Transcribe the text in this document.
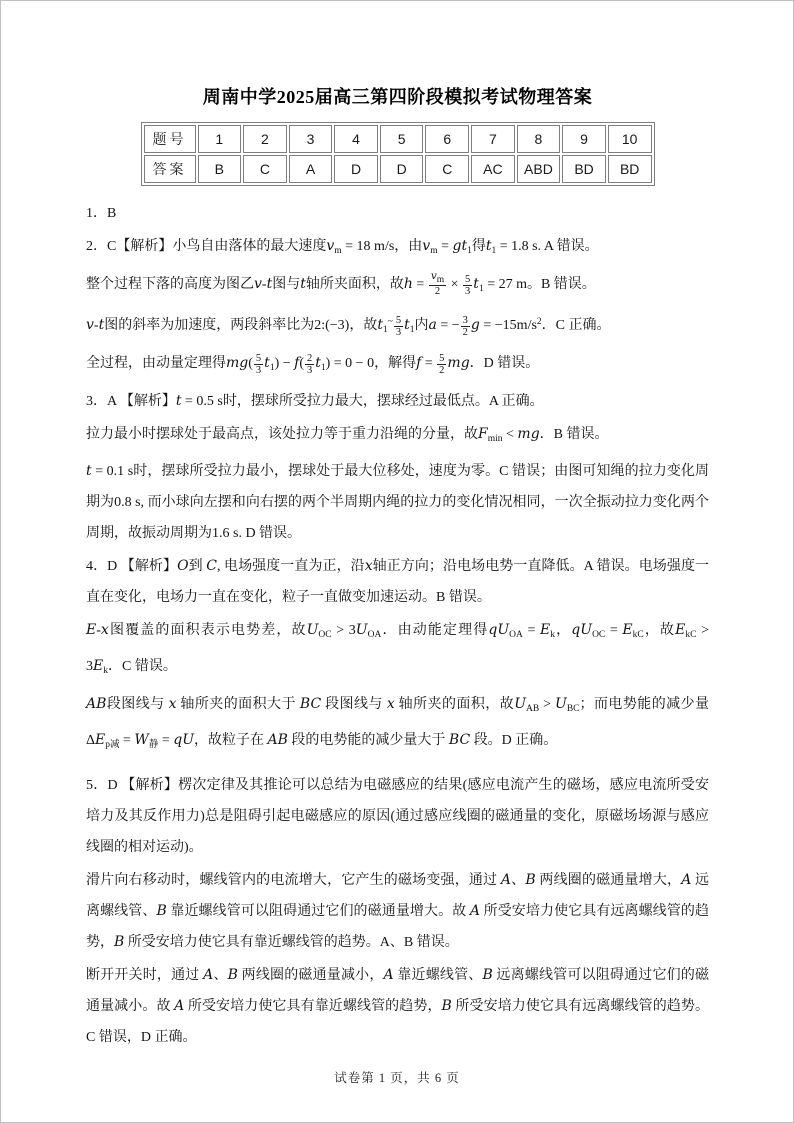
周南中学2025届高三第四阶段模拟考试物理答案
题号	1	2	3	4	5	6	7	8	9	10
答案	B	C	A	D	D	C	AC	ABD	BD	BD

1．B

2．C【解析】小鸟自由落体的最大速度$v_m = 18$ m/s，由$v_m = gt_1$得$t_1 = 1.8$ s. A 错误。

整个过程下落的高度为图乙v-t图与t轴所夹面积，故$h = \frac{vm}{2} \times \frac{5}{3} t_1 = 27$ m。B 错误。

v-t图的斜率为加速度，两段斜率比为2:(−3)，故$t_1^\sim \frac{5}{3} t_1$内a = − $\frac{3}{2}$ $g = -15m/s^2$．C 正确。

全过程，由动量定理得$mg( \frac{5}{3} t_1) - f( \frac{2}{3} t_1) = 0 - 0$，解得$f = \frac{5}{2}$ mg．D 错误。

3．A 【解析】t = 0.5 s时，摆球所受拉力最大，摆球经过最低点。A 正确。

拉力最小时摆球处于最高点，该处拉力等于重力沿绳的分量，故$F_{min}$ < mg．B 错误。

t = 0.1 s时，摆球所受拉力最小，摆球处于最大位移处，速度为零。C 错误；由图可知绳的拉力变化周期为0.8 s, 而小球向左摆和向右摆的两个半周期内绳的拉力的变化情况相同，一次全振动拉力变化两个周期，故振动周期为1.6 s. D 错误。

4．D 【解析】O到 C, 电场强度一直为正，沿x轴正方向；沿电场电势一直降低。A 错误。电场强度一直在变化，电场力一直在变化，粒子一直做变加速运动。B 错误。

E-x图覆盖的面积表示电势差，故$U_{OC} > 3U_{OA}$．由动能定理得$qU_{OA} = E_k$，$qU_{OC} = E_{kC}$，故$E_{kC} > 3E_k$．C 错误。

AB段图线与 x 轴所夹的面积大于 BC 段图线与 x 轴所夹的面积，故$U_{AB} > U_{BC}$；而电势能的减少量$\Delta E_{p减} = W_静$ = qU，故粒子在 AB 段的电势能的减少量大于 BC 段。D 正确。

5．D 【解析】楞次定律及其推论可以总结为电磁感应的结果(感应电流产生的磁场，感应电流所受安培力及其反作用力)总是阻碍引起电磁感应的原因(通过感应线圈的磁通量的变化，原磁场场源与感应线圈的相对运动)。

滑片向右移动时，螺线管内的电流增大，它产生的磁场变强，通过 A、B 两线圈的磁通量增大，A 远离螺线管、B 靠近螺线管可以阻碍通过它们的磁通量增大。故 A 所受安培力使它具有远离螺线管的趋势，B 所受安培力使它具有靠近螺线管的趋势。A、B 错误。

断开开关时，通过 A、B 两线圈的磁通量减小，A 靠近螺线管、B 远离螺线管可以阻碍通过它们的磁通量减小。故 A 所受安培力使它具有靠近螺线管的趋势，B 所受安培力使它具有远离螺线管的趋势。C 错误，D 正确。

试卷第 1 页，共 6 页
